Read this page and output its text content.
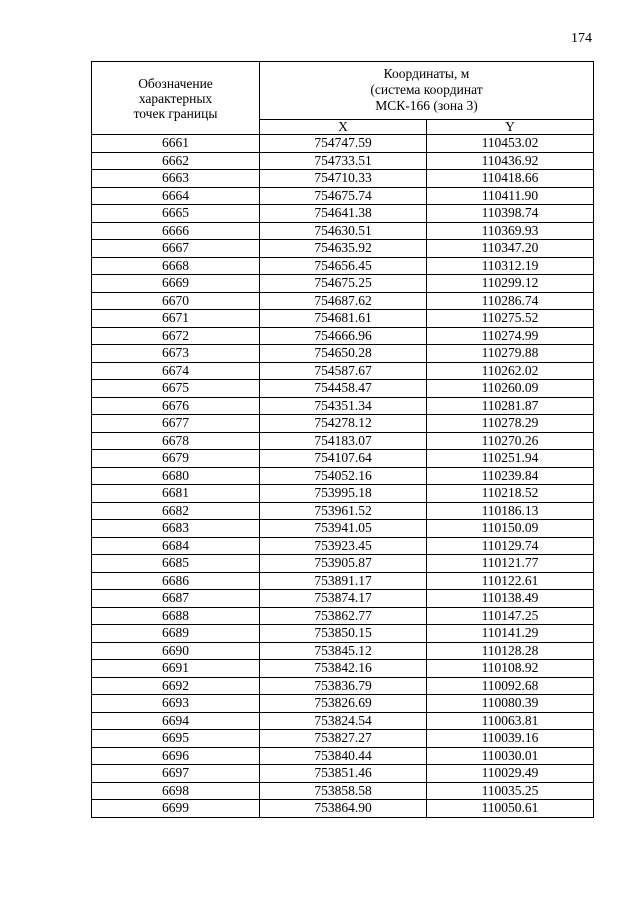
174
Обозначение
характерных
точек границы	Координаты, м
(система координат
МСК-166 (зона 3)	

	X	Y
6661	754747.59	110453.02
6662	754733.51	110436.92
6663	754710.33	110418.66
6664	754675.74	110411.90
6665	754641.38	110398.74
6666	754630.51	110369.93
6667	754635.92	110347.20
6668	754656.45	110312.19
6669	754675.25	110299.12
6670	754687.62	110286.74
6671	754681.61	110275.52
6672	754666.96	110274.99
6673	754650.28	110279.88
6674	754587.67	110262.02
6675	754458.47	110260.09
6676	754351.34	110281.87
6677	754278.12	110278.29
6678	754183.07	110270.26
6679	754107.64	110251.94
6680	754052.16	110239.84
6681	753995.18	110218.52
6682	753961.52	110186.13
6683	753941.05	110150.09
6684	753923.45	110129.74
6685	753905.87	110121.77
6686	753891.17	110122.61
6687	753874.17	110138.49
6688	753862.77	110147.25
6689	753850.15	110141.29
6690	753845.12	110128.28
6691	753842.16	110108.92
6692	753836.79	110092.68
6693	753826.69	110080.39
6694	753824.54	110063.81
6695	753827.27	110039.16
6696	753840.44	110030.01
6697	753851.46	110029.49
6698	753858.58	110035.25
6699	753864.90	110050.61
